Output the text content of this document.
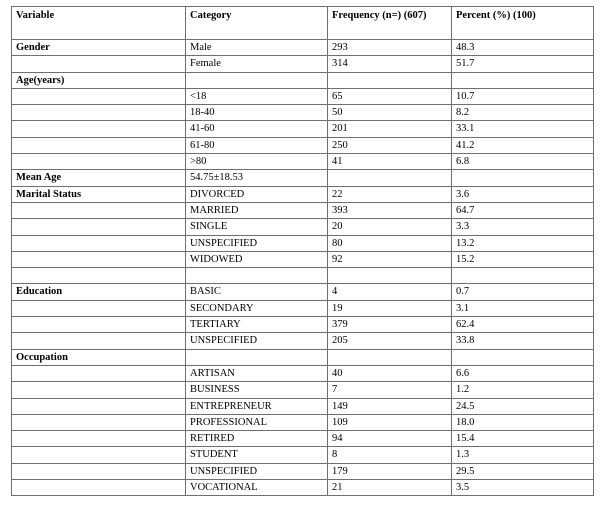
Variable	Category	Frequency (n=) (607)	Percent (%) (100)
Gender	Male	293	48.3
	Female	314	51.7
Age(years)			
	<18	65	10.7
	18-40	50	8.2
	41-60	201	33.1
	61-80	250	41.2
	>80	41	6.8
Mean Age	54.75±18.53		
Marital Status	DIVORCED	22	3.6
	MARRIED	393	64.7
	SINGLE	20	3.3
	UNSPECIFIED	80	13.2
	WIDOWED	92	15.2

Education	BASIC	4	0.7
	SECONDARY	19	3.1
	TERTIARY	379	62.4
	UNSPECIFIED	205	33.8
Occupation			
	ARTISAN	40	6.6
	BUSINESS	7	1.2
	ENTREPRENEUR	149	24.5
	PROFESSIONAL	109	18.0
	RETIRED	94	15.4
	STUDENT	8	1.3
	UNSPECIFIED	179	29.5
	VOCATIONAL	21	3.5
